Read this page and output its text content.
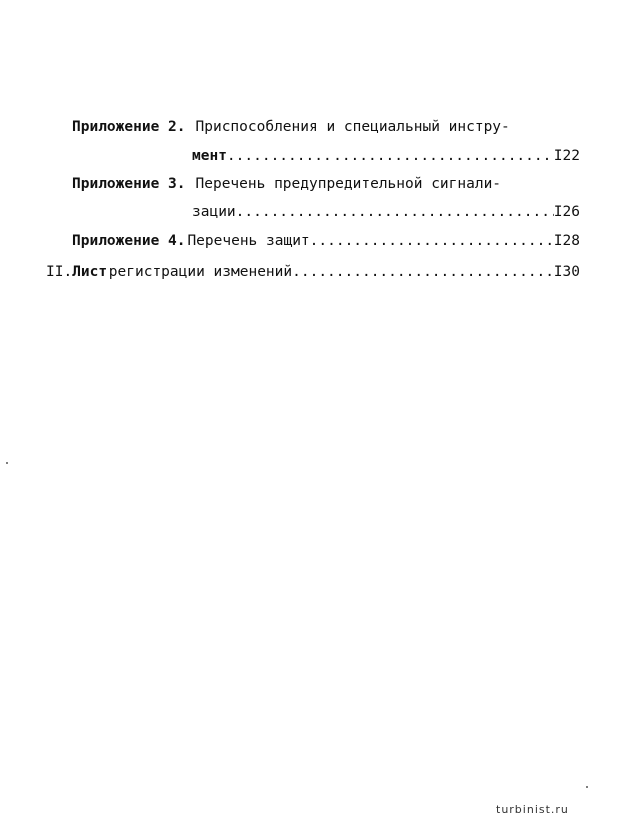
Приложение 2. Приспособления и специальный инстру-
мент ............ .....	I22
Приложение 3. Перечень предупредительной сигнали-
зации .....	I26
Приложение 4. Перечень защит .....	I28
II. Лист регистрации изменений .....	I30
turbinist.ru
